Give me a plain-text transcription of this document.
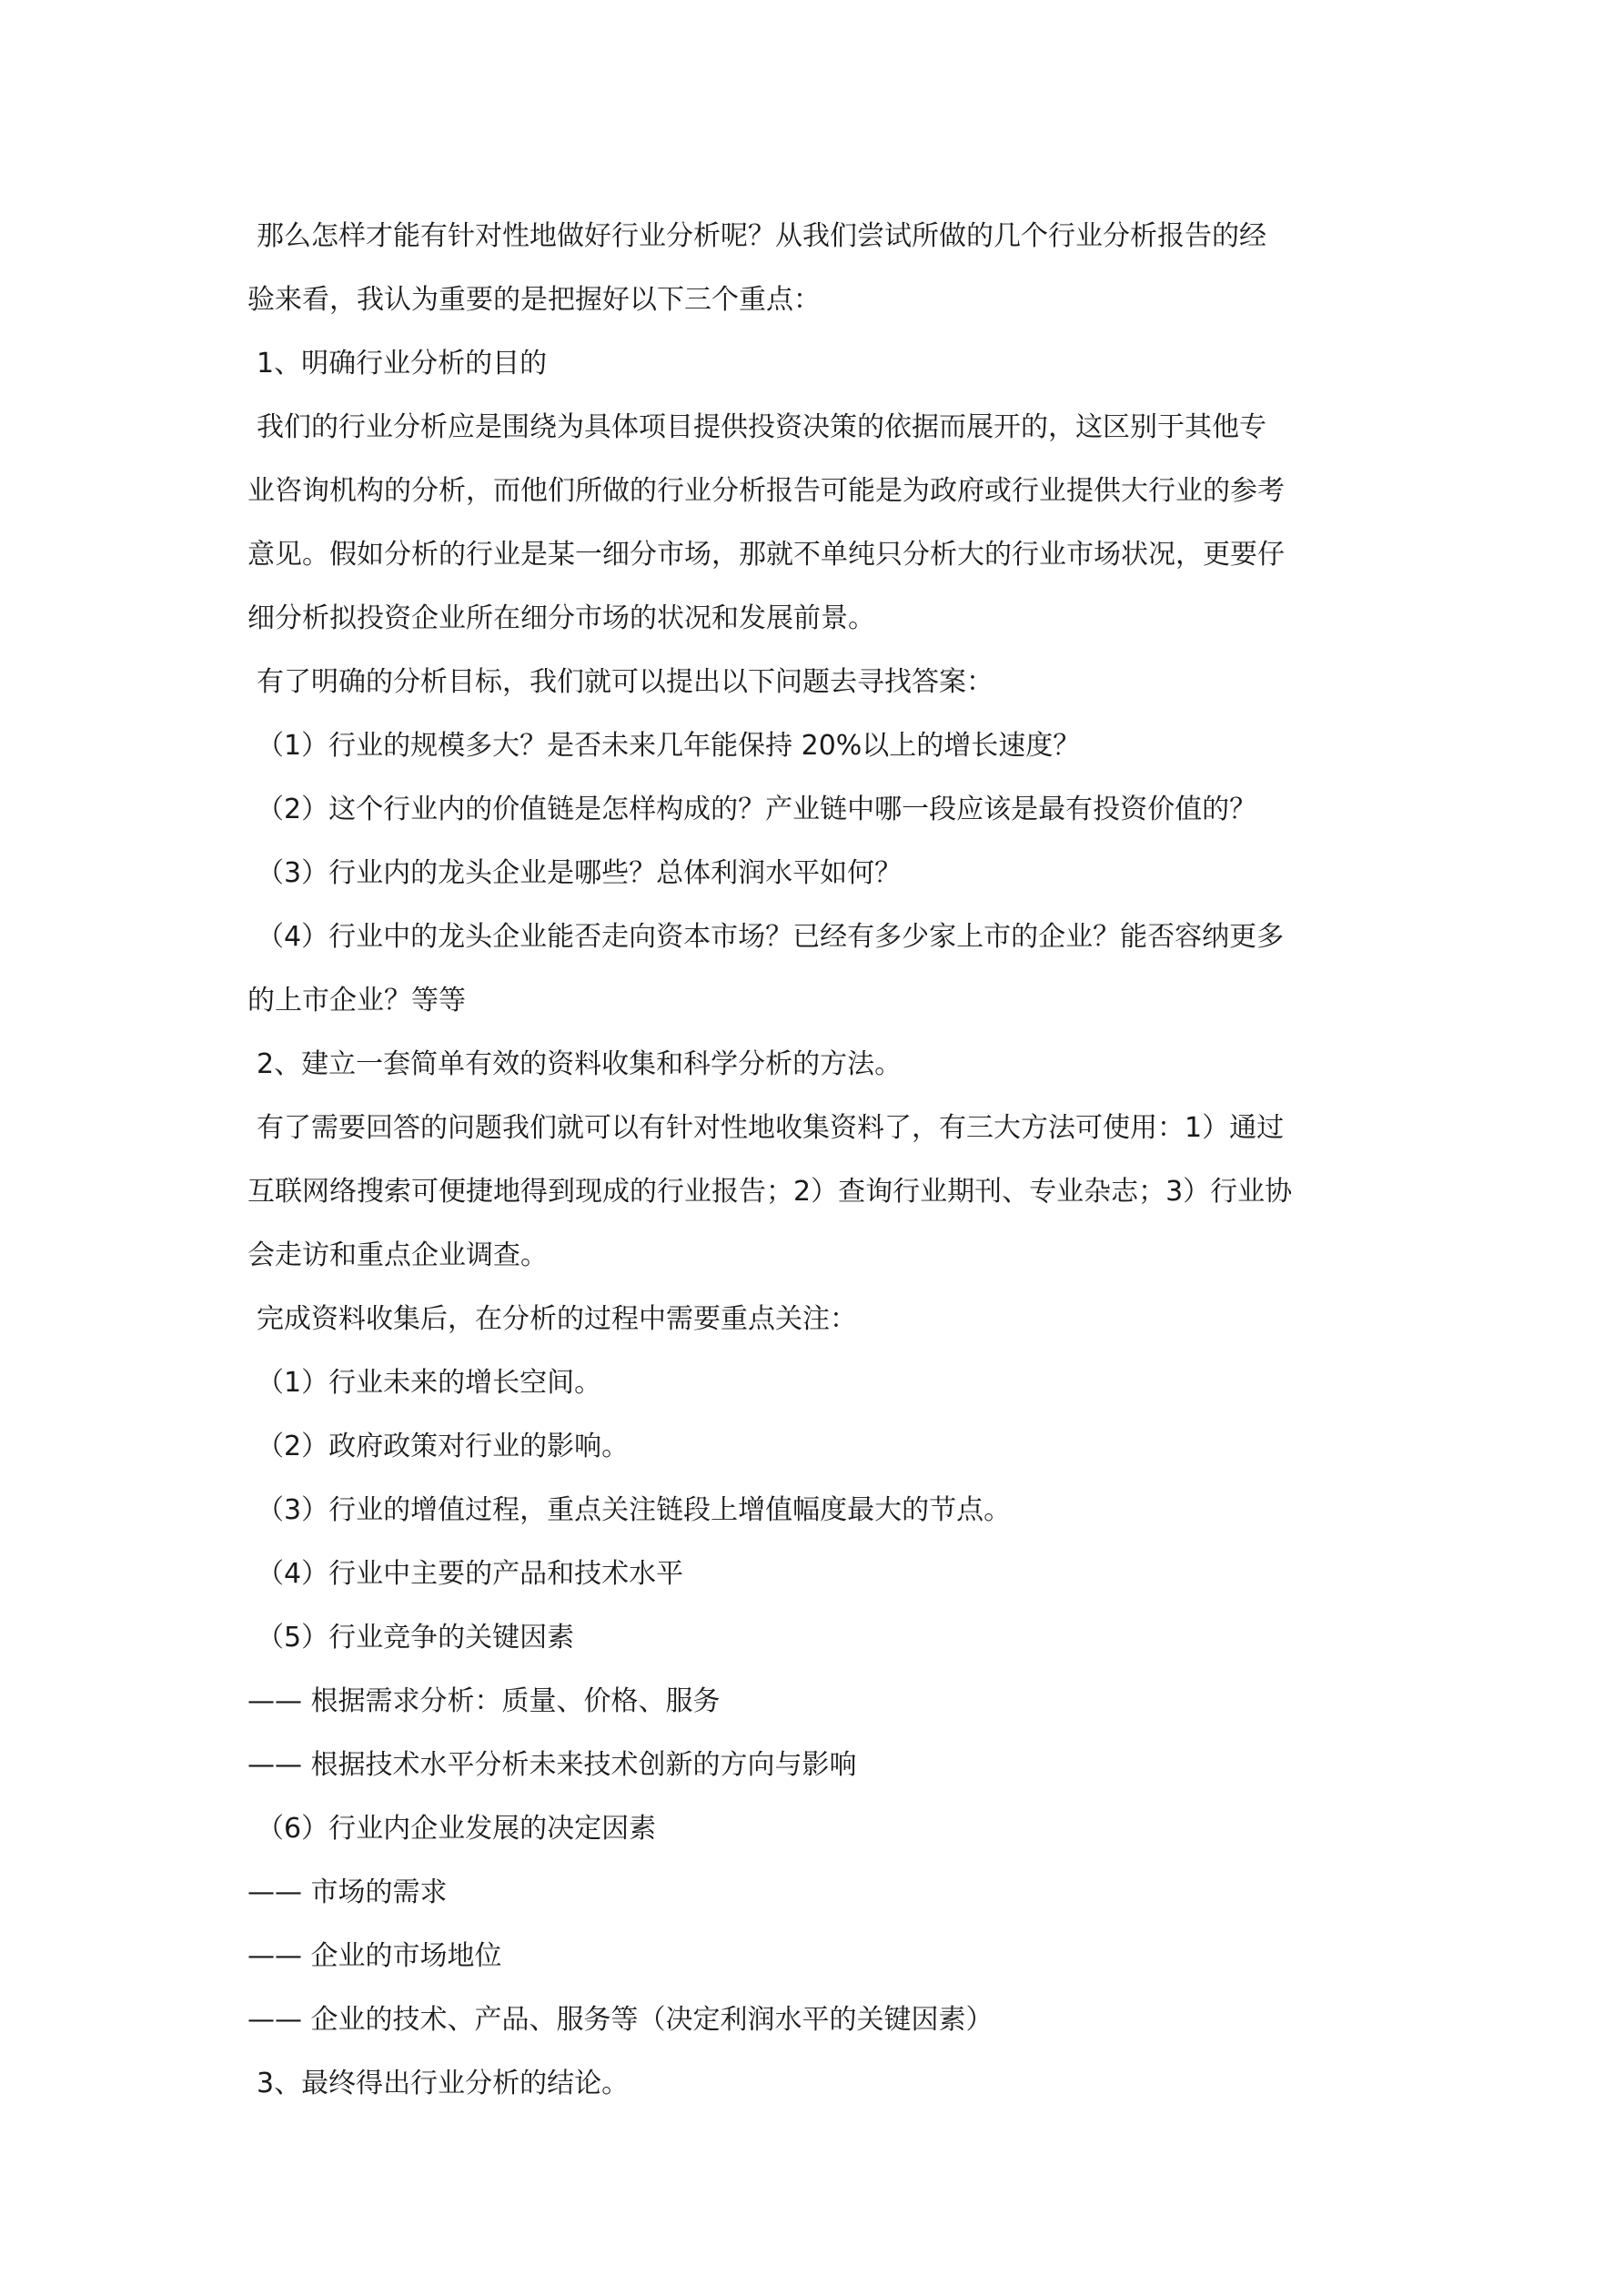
那么怎样才能有针对性地做好行业分析呢？从我们尝试所做的几个行业分析报告的经
验来看，我认为重要的是把握好以下三个重点：
1、明确行业分析的目的
我们的行业分析应是围绕为具体项目提供投资决策的依据而展开的，这区别于其他专
业咨询机构的分析，而他们所做的行业分析报告可能是为政府或行业提供大行业的参考
意见。假如分析的行业是某一细分市场，那就不单纯只分析大的行业市场状况，更要仔
细分析拟投资企业所在细分市场的状况和发展前景。
有了明确的分析目标，我们就可以提出以下问题去寻找答案：
（1）行业的规模多大？是否未来几年能保持 20%以上的增长速度？
（2）这个行业内的价值链是怎样构成的？产业链中哪一段应该是最有投资价值的？
（3）行业内的龙头企业是哪些？总体利润水平如何？
（4）行业中的龙头企业能否走向资本市场？已经有多少家上市的企业？能否容纳更多
的上市企业？等等
2、建立一套简单有效的资料收集和科学分析的方法。
有了需要回答的问题我们就可以有针对性地收集资料了，有三大方法可使用：1）通过
互联网络搜索可便捷地得到现成的行业报告；2）查询行业期刊、专业杂志；3）行业协
会走访和重点企业调查。
完成资料收集后，在分析的过程中需要重点关注：
（1）行业未来的增长空间。
（2）政府政策对行业的影响。
（3）行业的增值过程，重点关注链段上增值幅度最大的节点。
（4）行业中主要的产品和技术水平
（5）行业竞争的关键因素
—— 根据需求分析：质量、价格、服务
—— 根据技术水平分析未来技术创新的方向与影响
（6）行业内企业发展的决定因素
—— 市场的需求
—— 企业的市场地位
—— 企业的技术、产品、服务等（决定利润水平的关键因素）
3、最终得出行业分析的结论。
